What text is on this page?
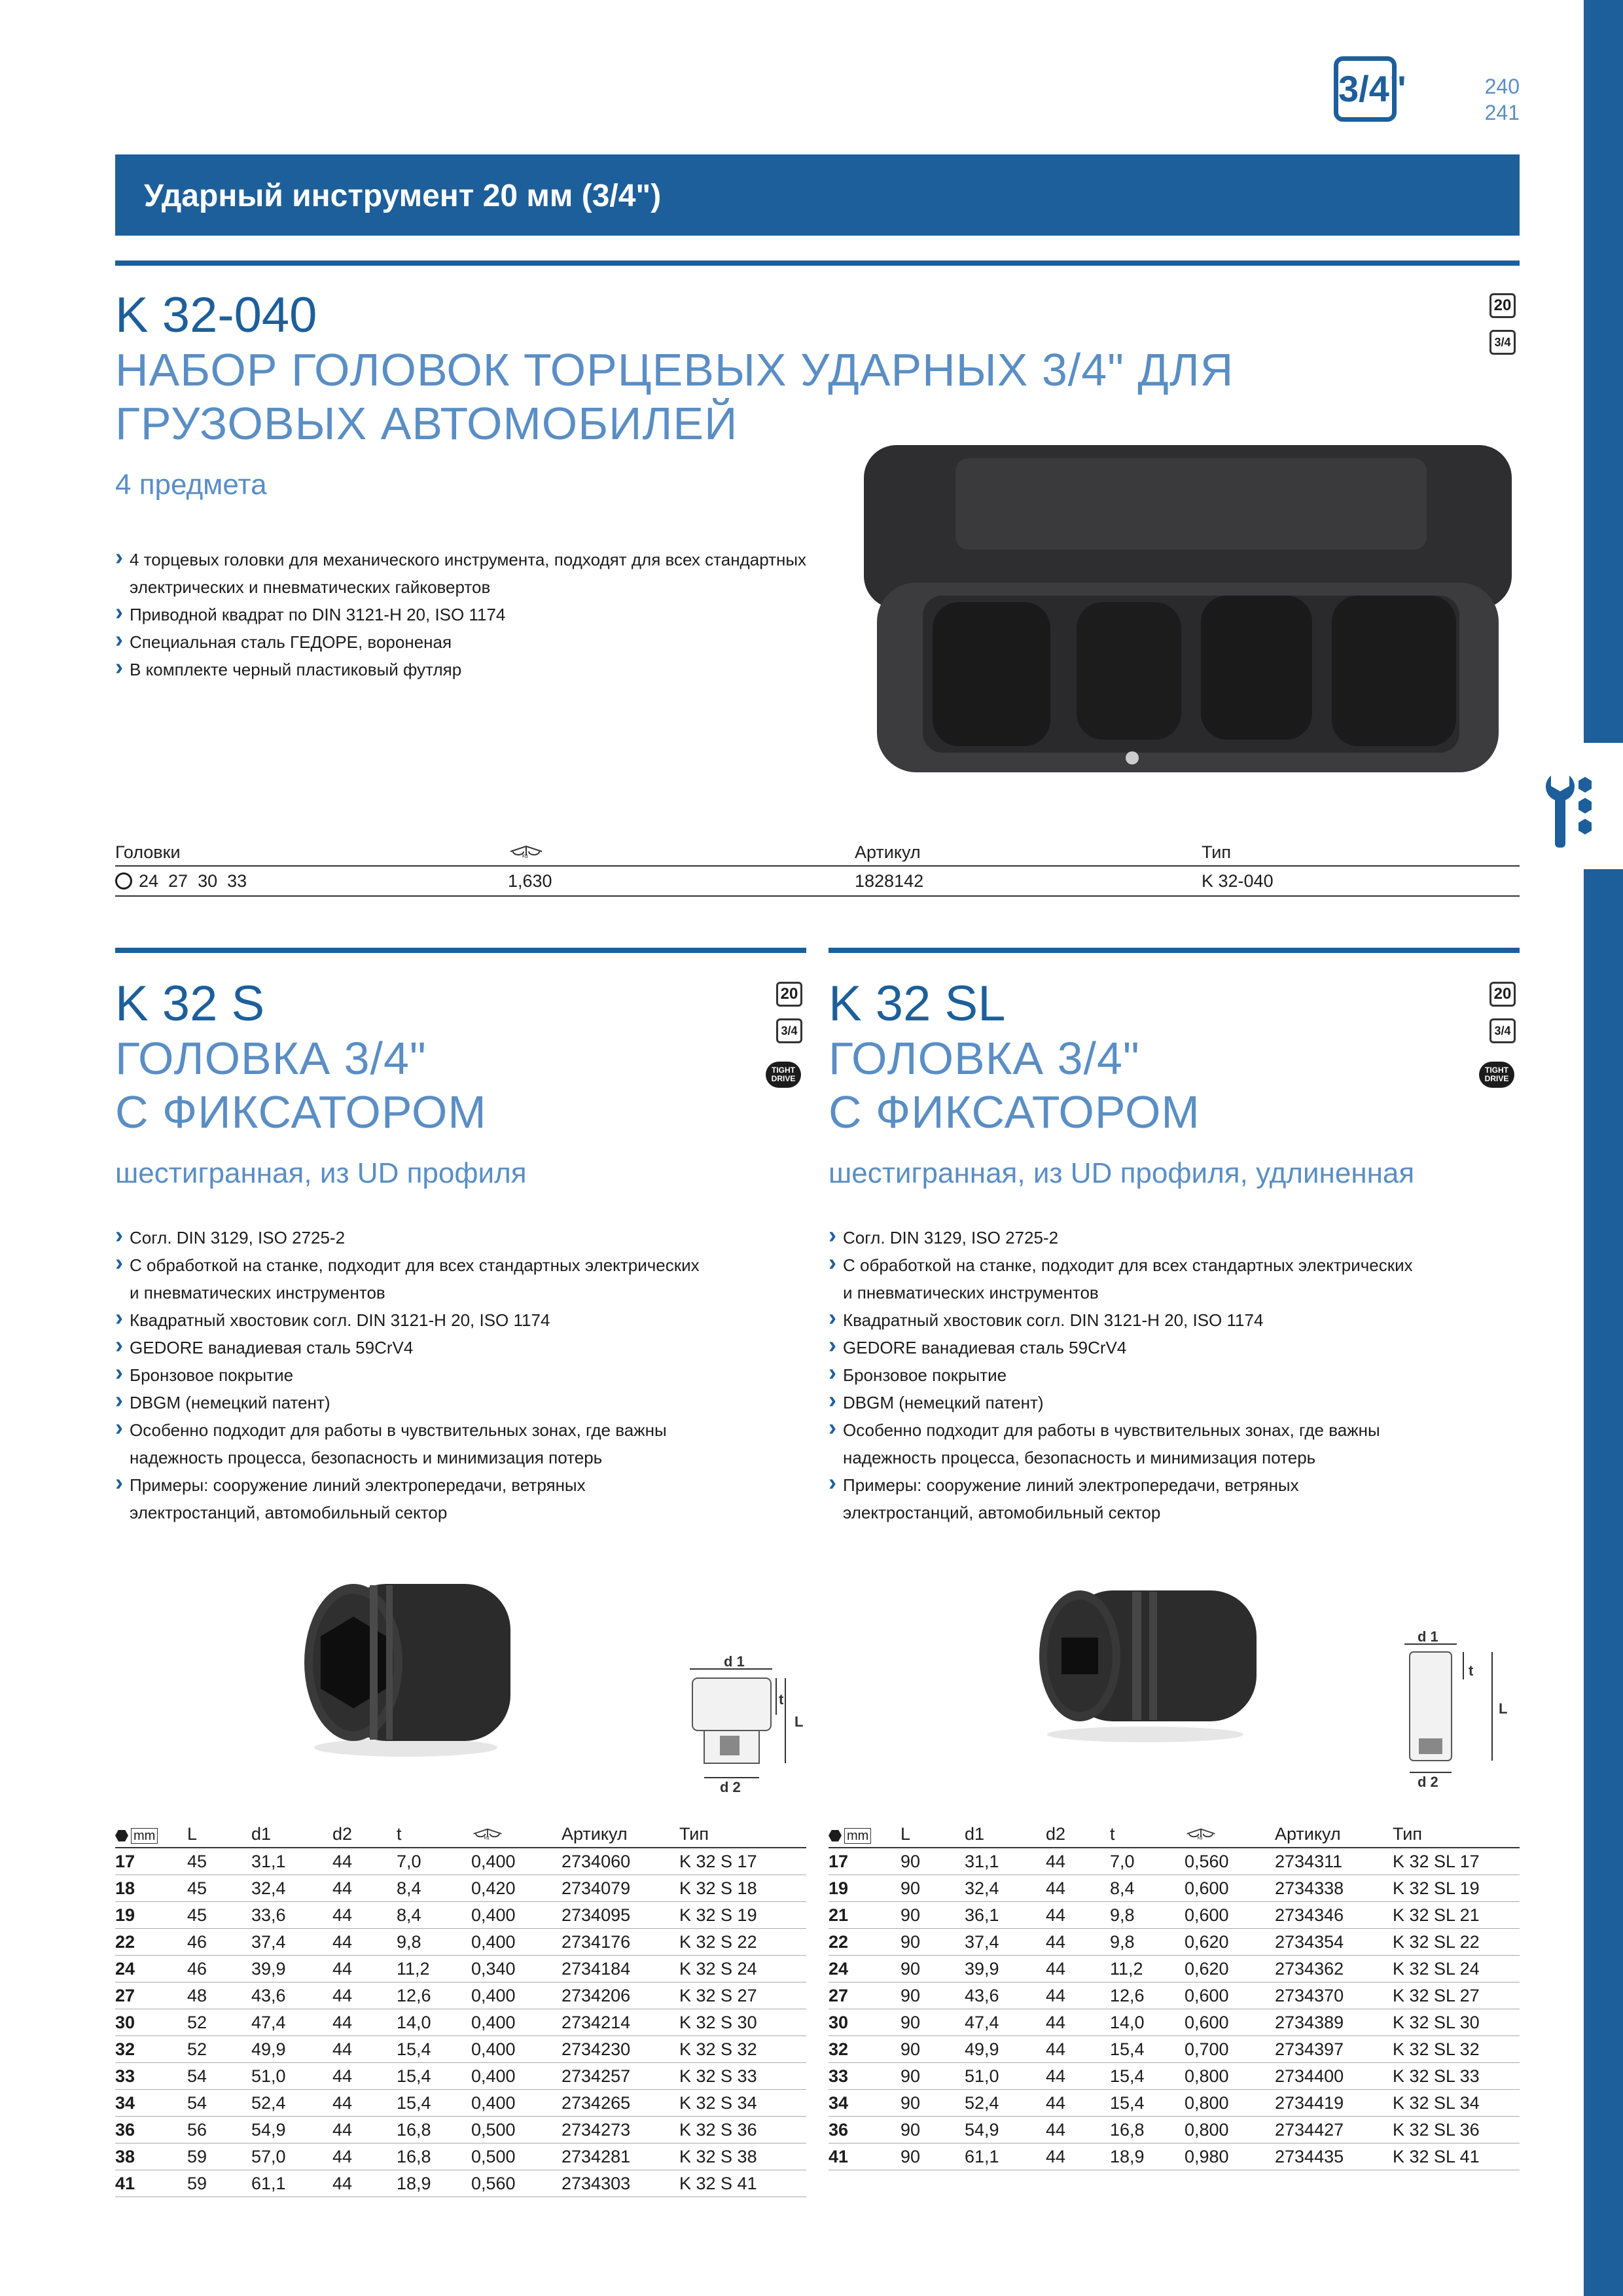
3/4"	240
241
Ударный инструмент 20 мм (3/4")
K 32-040
НАБОР ГОЛОВОК ТОРЦЕВЫХ УДАРНЫХ 3/4" ДЛЯ
ГРУЗОВЫХ АВТОМОБИЛЕЙ
4 предмета
20
3/4
› 4 торцевых головки для механического инструмента, подходят для всех стандартных
электрических и пневматических гайковертов
› Приводной квадрат по DIN 3121-H 20, ISO 1174
› Специальная сталь ГЕДОРЕ, вороненая
› В комплекте черный пластиковый футляр
Головки	kg	Артикул	Тип
24  27  30  33	1,630	1828142	K 32-040
K 32 S
ГОЛОВКА 3/4"
С ФИКСАТОРОМ
шестигранная, из UD профиля
20
3/4
TIGHT DRIVE
› Согл. DIN 3129, ISO 2725-2
› С обработкой на станке, подходит для всех стандартных электрических
и пневматических инструментов
› Квадратный хвостовик согл. DIN 3121-H 20, ISO 1174
› GEDORE ванадиевая сталь 59CrV4
› Бронзовое покрытие
› DBGM (немецкий патент)
› Особенно подходит для работы в чувствительных зонах, где важны
надежность процесса, безопасность и минимизация потерь
› Примеры: сооружение линий электропередачи, ветряных
электростанций, автомобильный сектор
d 1
L
t
d 2
mm	L	d1	d2	t	kg	Артикул	Тип
17	45	31,1	44	7,0	0,400	2734060	K 32 S 17
18	45	32,4	44	8,4	0,420	2734079	K 32 S 18
19	45	33,6	44	8,4	0,400	2734095	K 32 S 19
22	46	37,4	44	9,8	0,400	2734176	K 32 S 22
24	46	39,9	44	11,2	0,340	2734184	K 32 S 24
27	48	43,6	44	12,6	0,400	2734206	K 32 S 27
30	52	47,4	44	14,0	0,400	2734214	K 32 S 30
32	52	49,9	44	15,4	0,400	2734230	K 32 S 32
33	54	51,0	44	15,4	0,400	2734257	K 32 S 33
34	54	52,4	44	15,4	0,400	2734265	K 32 S 34
36	56	54,9	44	16,8	0,500	2734273	K 32 S 36
38	59	57,0	44	16,8	0,500	2734281	K 32 S 38
41	59	61,1	44	18,9	0,560	2734303	K 32 S 41
K 32 SL
ГОЛОВКА 3/4"
С ФИКСАТОРОМ
шестигранная, из UD профиля, удлиненная
20
3/4
TIGHT DRIVE
› Согл. DIN 3129, ISO 2725-2
› С обработкой на станке, подходит для всех стандартных электрических
и пневматических инструментов
› Квадратный хвостовик согл. DIN 3121-H 20, ISO 1174
› GEDORE ванадиевая сталь 59CrV4
› Бронзовое покрытие
› DBGM (немецкий патент)
› Особенно подходит для работы в чувствительных зонах, где важны
надежность процесса, безопасность и минимизация потерь
› Примеры: сооружение линий электропередачи, ветряных
электростанций, автомобильный сектор
d 1
t
L
d 2
mm	L	d1	d2	t	kg	Артикул	Тип
17	90	31,1	44	7,0	0,560	2734311	K 32 SL 17
19	90	32,4	44	8,4	0,600	2734338	K 32 SL 19
21	90	36,1	44	9,8	0,600	2734346	K 32 SL 21
22	90	37,4	44	9,8	0,620	2734354	K 32 SL 22
24	90	39,9	44	11,2	0,620	2734362	K 32 SL 24
27	90	43,6	44	12,6	0,600	2734370	K 32 SL 27
30	90	47,4	44	14,0	0,600	2734389	K 32 SL 30
32	90	49,9	44	15,4	0,700	2734397	K 32 SL 32
33	90	51,0	44	15,4	0,800	2734400	K 32 SL 33
34	90	52,4	44	15,4	0,800	2734419	K 32 SL 34
36	90	54,9	44	16,8	0,800	2734427	K 32 SL 36
41	90	61,1	44	18,9	0,980	2734435	K 32 SL 41
